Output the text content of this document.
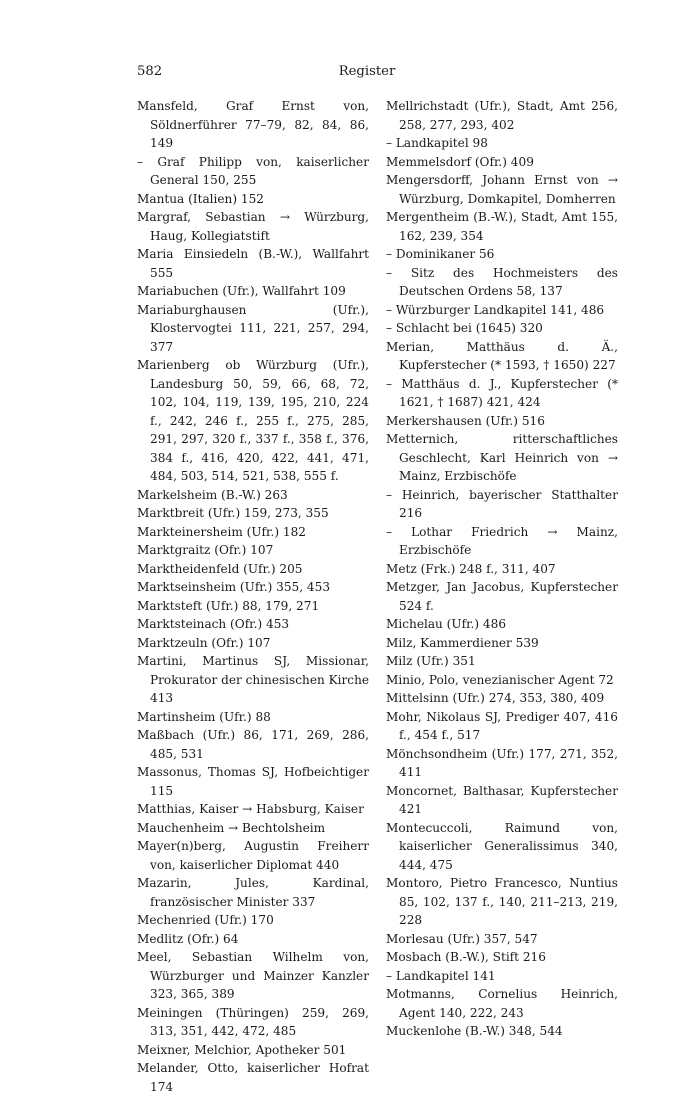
582	Register

Mansfeld, Graf Ernst von, Söldnerführer 77–79, 82, 84, 86, 149

– Graf Philipp von, kaiserlicher General 150, 255

Mantua (Italien) 152

Margraf, Sebastian → Würzburg, Haug, Kollegiatstift

Maria Einsiedeln (B.-W.), Wallfahrt 555

Mariabuchen (Ufr.), Wallfahrt 109

Mariaburghausen (Ufr.), Klostervogtei 111, 221, 257, 294, 377

Marienberg ob Würzburg (Ufr.), Landesburg 50, 59, 66, 68, 72, 102, 104, 119, 139, 195, 210, 224 f., 242, 246 f., 255 f., 275, 285, 291, 297, 320 f., 337 f., 358 f., 376, 384 f., 416, 420, 422, 441, 471, 484, 503, 514, 521, 538, 555 f.

Markelsheim (B.-W.) 263

Marktbreit (Ufr.) 159, 273, 355

Markteinersheim (Ufr.) 182

Marktgraitz (Ofr.) 107

Marktheidenfeld (Ufr.) 205

Marktseinsheim (Ufr.) 355, 453

Marktsteft (Ufr.) 88, 179, 271

Marktsteinach (Ofr.) 453

Marktzeuln (Ofr.) 107

Martini, Martinus SJ, Missionar, Prokurator der chinesischen Kirche 413

Martinsheim (Ufr.) 88

Maßbach (Ufr.) 86, 171, 269, 286, 485, 531

Massonus, Thomas SJ, Hofbeichtiger 115

Matthias, Kaiser → Habsburg, Kaiser

Mauchenheim → Bechtolsheim

Mayer(n)berg, Augustin Freiherr von, kaiserlicher Diplomat 440

Mazarin, Jules, Kardinal, französischer Minister 337

Mechenried (Ufr.) 170

Medlitz (Ofr.) 64

Meel, Sebastian Wilhelm von, Würzburger und Mainzer Kanzler 323, 365, 389

Meiningen (Thüringen) 259, 269, 313, 351, 442, 472, 485

Meixner, Melchior, Apotheker 501

Melander, Otto, kaiserlicher Hofrat 174

Mellrichstadt (Ufr.), Stadt, Amt 256, 258, 277, 293, 402

– Landkapitel 98

Memmelsdorf (Ofr.) 409

Mengersdorff, Johann Ernst von → Würzburg, Domkapitel, Domherren

Mergentheim (B.-W.), Stadt, Amt 155, 162, 239, 354

– Dominikaner 56

– Sitz des Hochmeisters des Deutschen Ordens 58, 137

– Würzburger Landkapitel 141, 486

– Schlacht bei (1645) 320

Merian, Matthäus d. Ä., Kupferstecher (* 1593, † 1650) 227

– Matthäus d. J., Kupferstecher (* 1621, † 1687) 421, 424

Merkershausen (Ufr.) 516

Metternich, ritterschaftliches Geschlecht, Karl Heinrich von → Mainz, Erzbischöfe

– Heinrich, bayerischer Statthalter 216

– Lothar Friedrich → Mainz, Erzbischöfe

Metz (Frk.) 248 f., 311, 407

Metzger, Jan Jacobus, Kupferstecher 524 f.

Michelau (Ufr.) 486

Milz, Kammerdiener 539

Milz (Ufr.) 351

Minio, Polo, venezianischer Agent 72

Mittelsinn (Ufr.) 274, 353, 380, 409

Mohr, Nikolaus SJ, Prediger 407, 416 f., 454 f., 517

Mönchsondheim (Ufr.) 177, 271, 352, 411

Moncornet, Balthasar, Kupferstecher 421

Montecuccoli, Raimund von, kaiserlicher Generalissimus 340, 444, 475

Montoro, Pietro Francesco, Nuntius 85, 102, 137 f., 140, 211–213, 219, 228

Morlesau (Ufr.) 357, 547

Mosbach (B.-W.), Stift 216

– Landkapitel 141

Motmanns, Cornelius Heinrich, Agent 140, 222, 243

Muckenlohe (B.-W.) 348, 544
